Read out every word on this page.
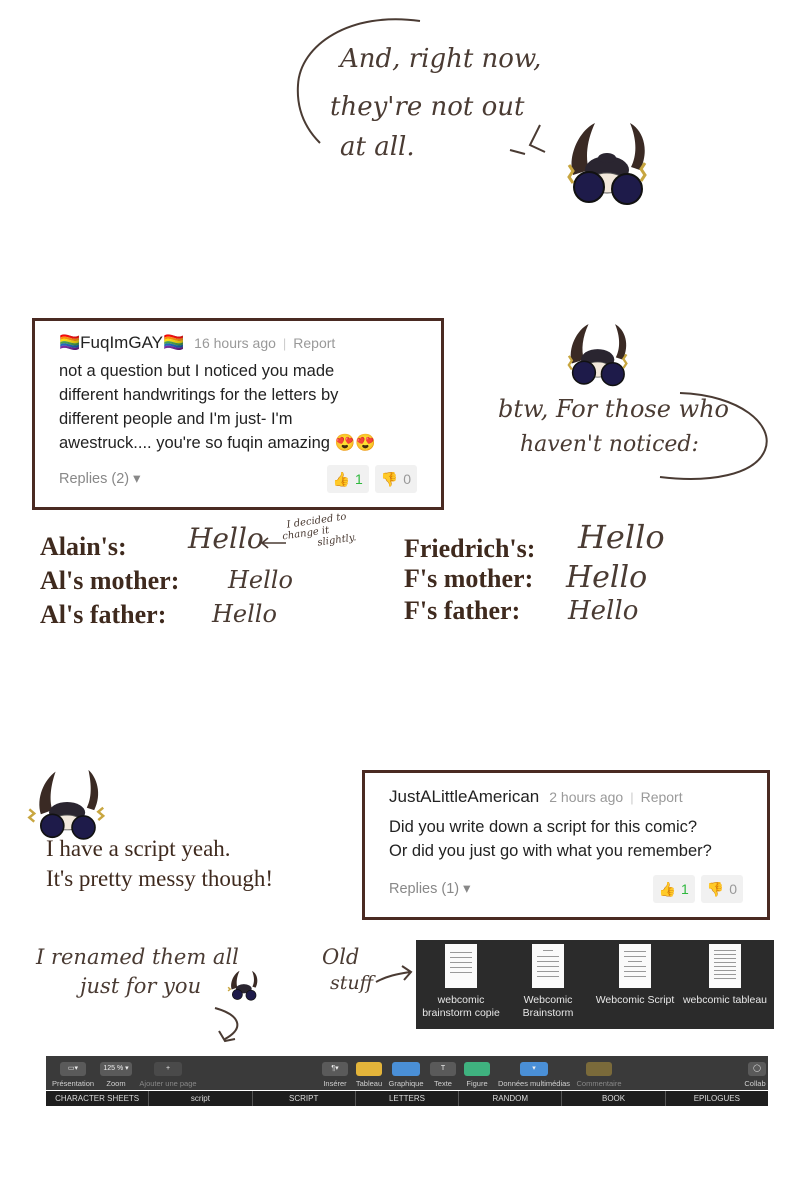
And, right now,
they're not out
at all.
🏳️‍🌈FuqImGAY🏳️‍🌈 16 hours ago | Report
not a question but I noticed you made
different handwritings for the letters by
different people and I'm just- I'm
awestruck.... you're so fuqin amazing 😍😍
Replies (2) ▾	👍 1 👎 0
btw, For those who
haven't noticed:
Alain's: Hello
I decided to
change it
slightly.
Al's mother: Hello
Al's father: Hello
Friedrich's: Hello
F's mother: Hello
F's father: Hello
I have a script yeah.
It's pretty messy though!
JustALittleAmerican 2 hours ago | Report
Did you write down a script for this comic?
Or did you just go with what you remember?
Replies (1) ▾	👍 1 👎 0
I renamed them all
just for you
Old
stuff
webcomic
brainstorm copie
Webcomic
Brainstorm
Webcomic Script webcomic tableau
▭▾
Présentation
125 % ▾
Zoom
+
Ajouter une page
¶▾
Insérer	Tableau Graphique
T
Texte	Figure
▾
Données multimédias Commentaire
◯
Collab
CHARACTER SHEETS	script	SCRIPT	LETTERS	RANDOM	BOOK	EPILOGUES
